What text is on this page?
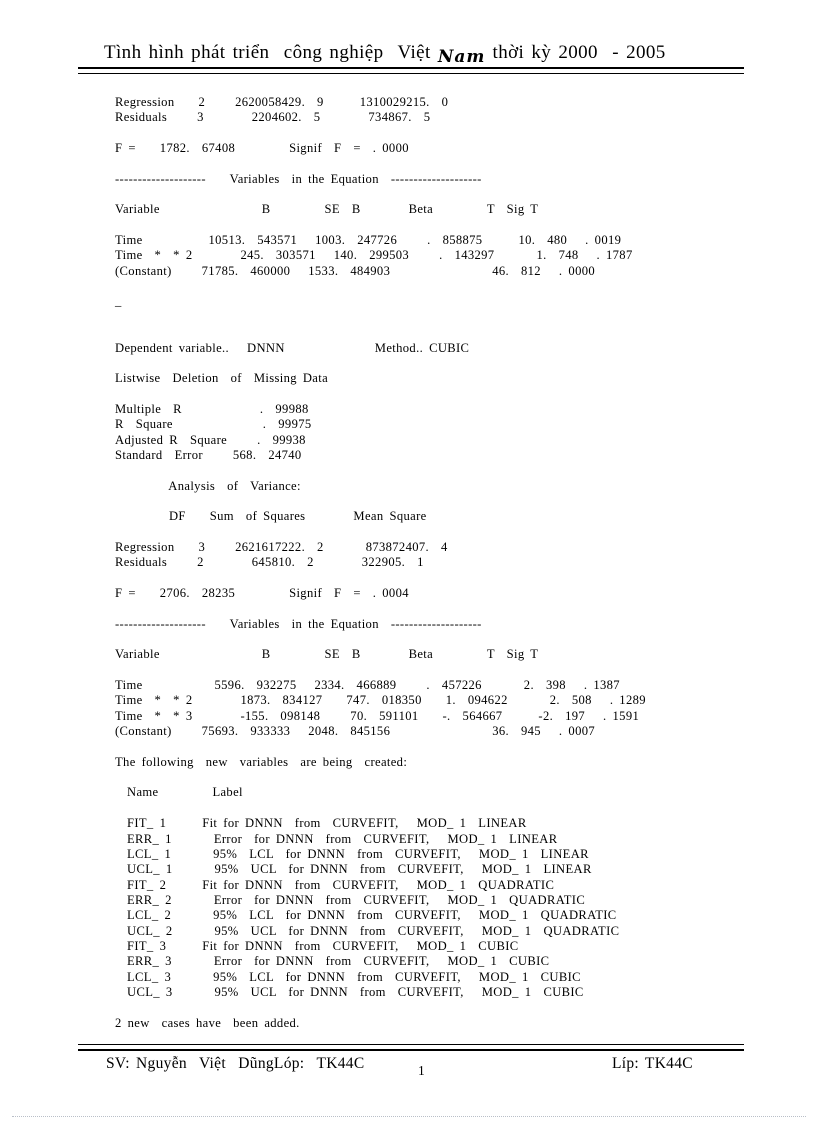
Tình hình phát triển  công nghiệp  Việt Nam thời kỳ 2000  - 2005
Regression    2     2620058429.  9      1310029215.  0
Residuals     3        2204602.  5        734867.  5

F =    1782.  67408         Signif  F  =  . 0000

--------------------    Variables  in the Equation  --------------------

Variable                 B         SE  B        Beta         T  Sig T

Time           10513.  543571   1003.  247726     .  858875      10.  480   . 0019
Time  *  * 2        245.  303571   140.  299503     .  143297       1.  748   . 1787
(Constant)     71785.  460000   1533.  484903                 46.  812   . 0000

_

Dependent variable..   DNNN               Method.. CUBIC

Listwise  Deletion  of  Missing Data

Multiple  R             .  99988
R  Square               .  99975
Adjusted R  Square     .  99938
Standard  Error     568.  24740

Analysis  of  Variance:

DF    Sum  of Squares        Mean Square

Regression    3     2621617222.  2       873872407.  4
Residuals     2        645810.  2        322905.  1

F =    2706.  28235         Signif  F  =  . 0004

--------------------    Variables  in the Equation  --------------------

Variable                 B         SE  B        Beta         T  Sig T

Time            5596.  932275   2334.  466889     .  457226       2.  398   . 1387
Time  *  * 2        1873.  834127    747.  018350    1.  094622       2.  508   . 1289
Time  *  * 3        -155.  098148     70.  591101    -.  564667      -2.  197   . 1591
(Constant)     75693.  933333   2048.  845156                 36.  945   . 0007

The following  new  variables  are being  created:

Name         Label

FIT_ 1      Fit for DNNN  from  CURVEFIT,   MOD_ 1  LINEAR
ERR_ 1       Error  for DNNN  from  CURVEFIT,   MOD_ 1  LINEAR
LCL_ 1       95%  LCL  for DNNN  from  CURVEFIT,   MOD_ 1  LINEAR
UCL_ 1       95%  UCL  for DNNN  from  CURVEFIT,   MOD_ 1  LINEAR
FIT_ 2      Fit for DNNN  from  CURVEFIT,   MOD_ 1  QUADRATIC
ERR_ 2       Error  for DNNN  from  CURVEFIT,   MOD_ 1  QUADRATIC
LCL_ 2       95%  LCL  for DNNN  from  CURVEFIT,   MOD_ 1  QUADRATIC
UCL_ 2       95%  UCL  for DNNN  from  CURVEFIT,   MOD_ 1  QUADRATIC
FIT_ 3      Fit for DNNN  from  CURVEFIT,   MOD_ 1  CUBIC
ERR_ 3       Error  for DNNN  from  CURVEFIT,   MOD_ 1  CUBIC
LCL_ 3       95%  LCL  for DNNN  from  CURVEFIT,   MOD_ 1  CUBIC
UCL_ 3       95%  UCL  for DNNN  from  CURVEFIT,   MOD_ 1  CUBIC

2 new  cases have  been added.
SV: Nguyễn  Việt  DũngLóp:  TK44C	1	Líp: TK44C
